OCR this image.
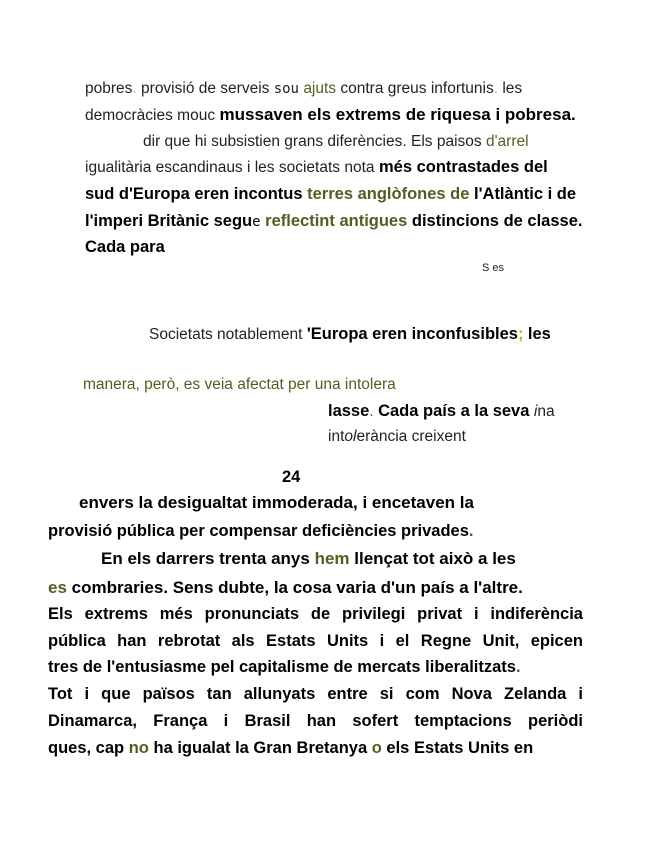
pobres. provisió de serveis sou ajuts contra greus infortunis. les
democràcies mouc mussaven els extrems de riquesa i pobresa.
dir que hi subsistien grans diferències. Els paisos d'arrel
igualitària escandinaus i les societats nota més contrastades del
sud d'Europa eren incontus terres anglòfones de l'Atlàntic i de
l'imperi Britànic segue reflectint antigues distincions de classe.
Cada para
S es
Societats notablement 'Europa eren inconfusibles; les
manera, però, es veia afectat per una intolera
lasse. Cada país a la seva ina
intolerància creixent
24
envers la desigualtat immoderada, i encetaven la
provisió pública per compensar deficiències privades.
En els darrers trenta anys hem llençat tot això a les
es combraries. Sens dubte, la cosa varia d'un país a l'altre.
Els extrems més pronunciats de privilegi privat i indiferència
pública han rebrotat als Estats Units i el Regne Unit, epicen
tres de l'entusiasme pel capitalisme de mercats liberalitzats.
Tot i que països tan allunyats entre si com Nova Zelanda i
Dinamarca, França i Brasil han sofert temptacions periòdi
ques, cap no ha igualat la Gran Bretanya o els Estats Units en
